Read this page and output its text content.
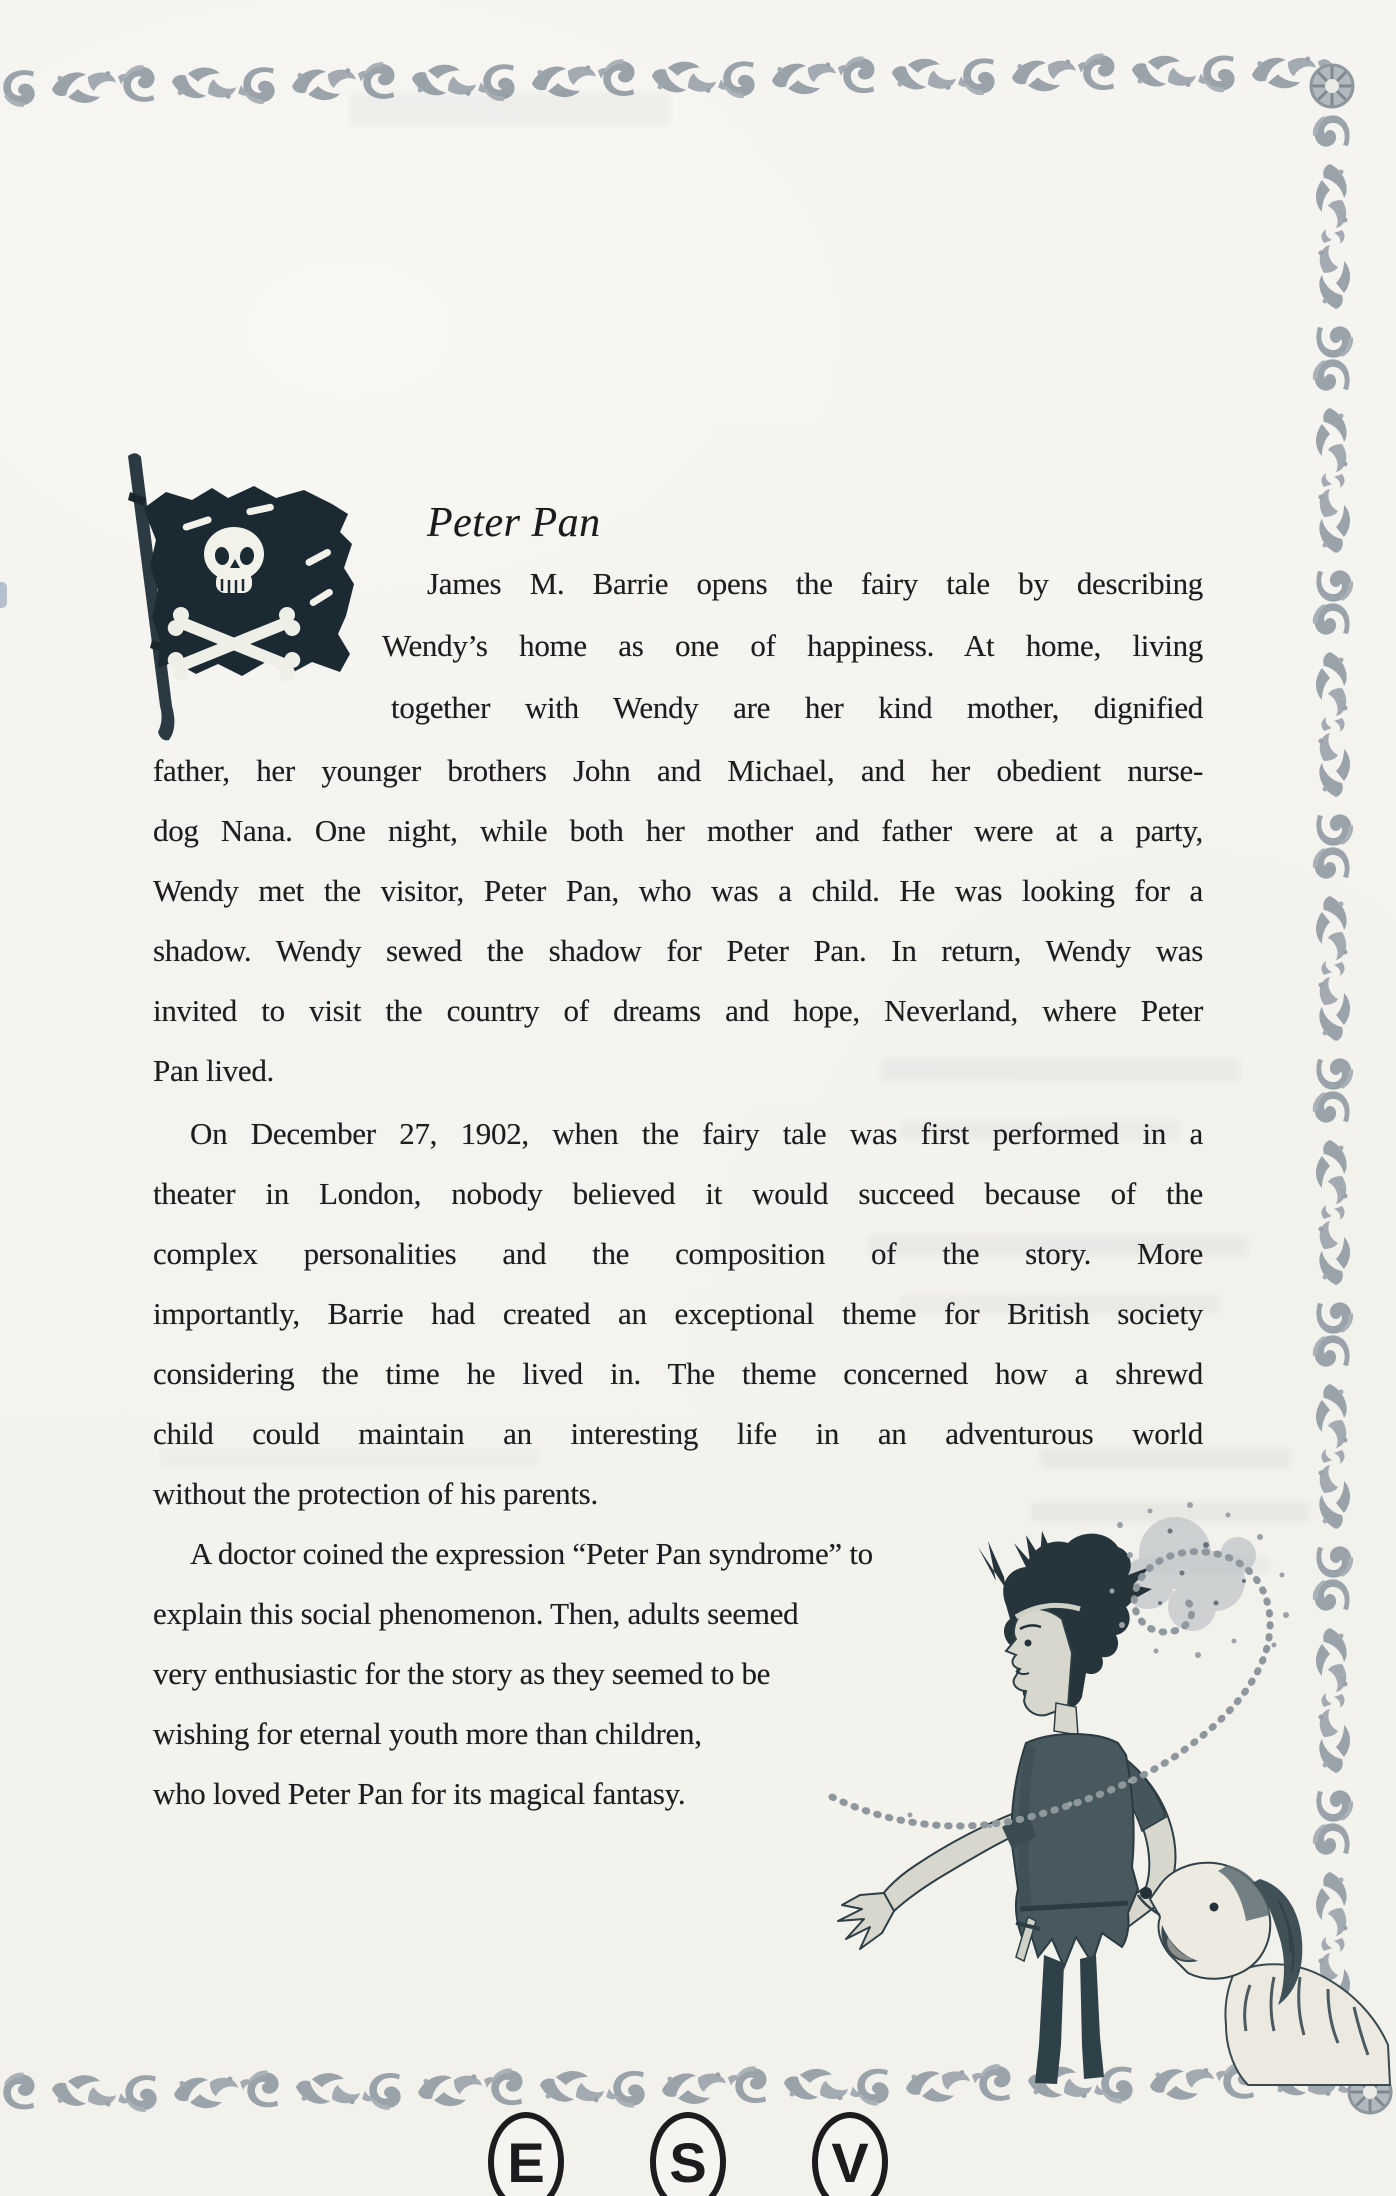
Peter Pan
James M. Barrie opens the fairy tale by describing
Wendy’s home as one of happiness. At home, living
together with Wendy are her kind mother, dignified
father, her younger brothers John and Michael, and her obedient nurse-
dog Nana. One night, while both her mother and father were at a party,
Wendy met the visitor, Peter Pan, who was a child. He was looking for a
shadow. Wendy sewed the shadow for Peter Pan. In return, Wendy was
invited to visit the country of dreams and hope, Neverland, where Peter
Pan lived.
On December 27, 1902, when the fairy tale was first performed in a
theater in London, nobody believed it would succeed because of the
complex personalities and the composition of the story. More
importantly, Barrie had created an exceptional theme for British society
considering the time he lived in. The theme concerned how a shrewd
child could maintain an interesting life in an adventurous world
without the protection of his parents.
A doctor coined the expression “Peter Pan syndrome” to
explain this social phenomenon. Then, adults seemed
very enthusiastic for the story as they seemed to be
wishing for eternal youth more than children,
who loved Peter Pan for its magical fantasy.
E S V
